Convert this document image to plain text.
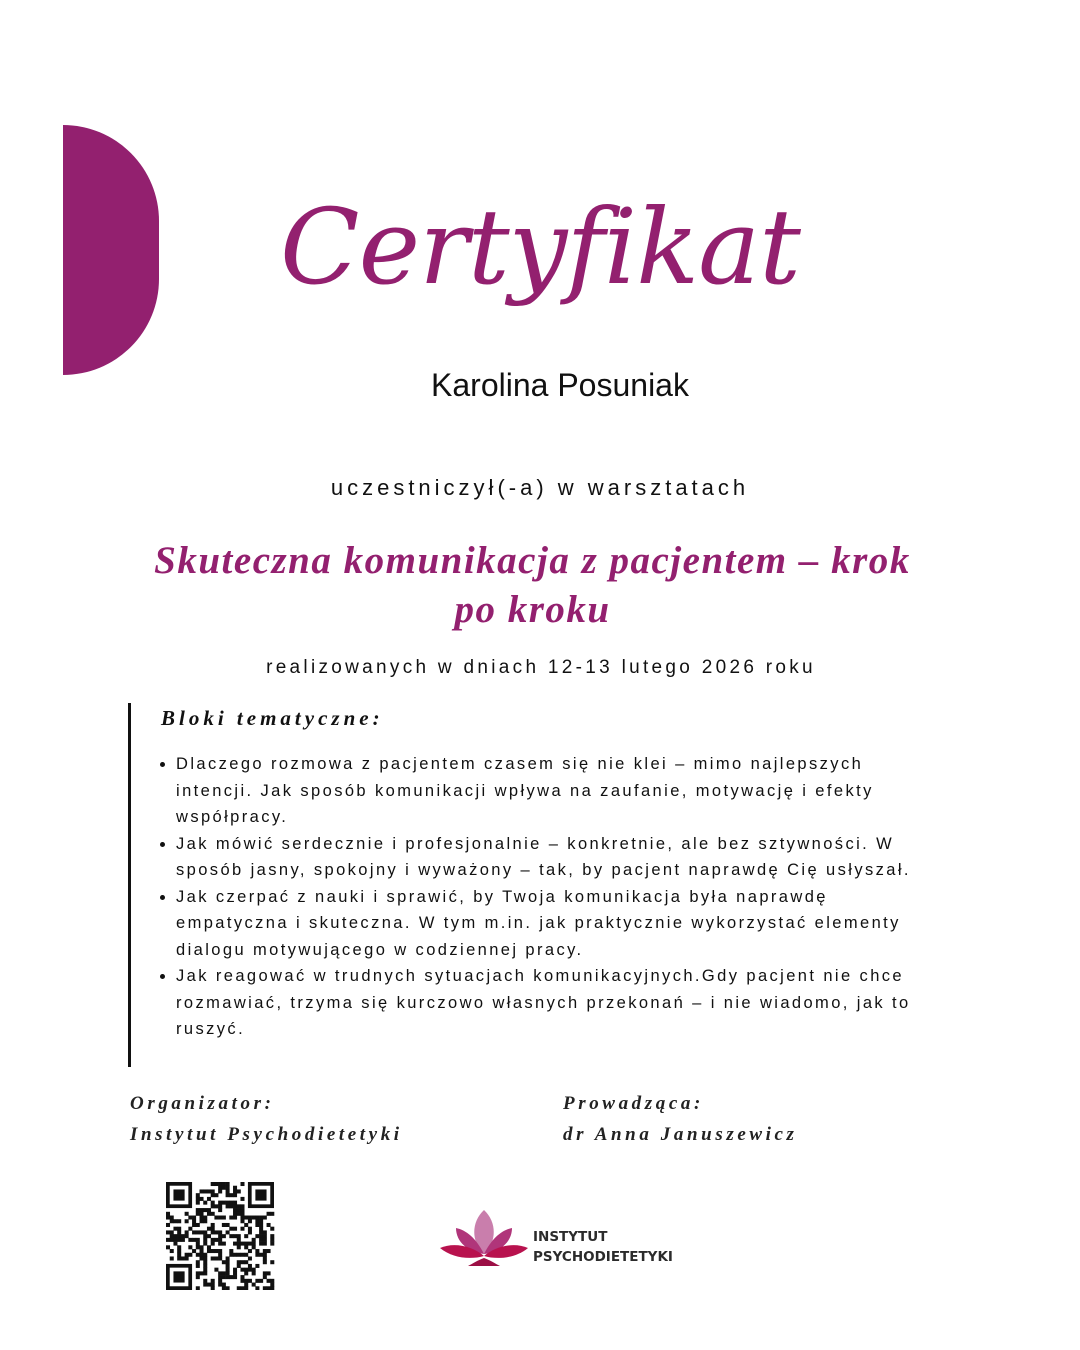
Certyfikat
Karolina Posuniak
uczestniczył(-a) w warsztatach
Skuteczna komunikacja z pacjentem – krok po kroku
realizowanych w dniach 12-13 lutego 2026 roku
Bloki tematyczne:
• Dlaczego rozmowa z pacjentem czasem się nie klei – mimo najlepszych intencji. Jak sposób komunikacji wpływa na zaufanie, motywację i efekty współpracy.
• Jak mówić serdecznie i profesjonalnie – konkretnie, ale bez sztywności. W sposób jasny, spokojny i wyważony – tak, by pacjent naprawdę Cię usłyszał.
• Jak czerpać z nauki i sprawić, by Twoja komunikacja była naprawdę empatyczna i skuteczna. W tym m.in. jak praktycznie wykorzystać elementy dialogu motywującego w codziennej pracy.
• Jak reagować w trudnych sytuacjach komunikacyjnych.Gdy pacjent nie chce rozmawiać, trzyma się kurczowo własnych przekonań – i nie wiadomo, jak to ruszyć.
Organizator:
Instytut Psychodietetyki
Prowadząca:
dr Anna Januszewicz
INSTYTUT
PSYCHODIETETYKI
